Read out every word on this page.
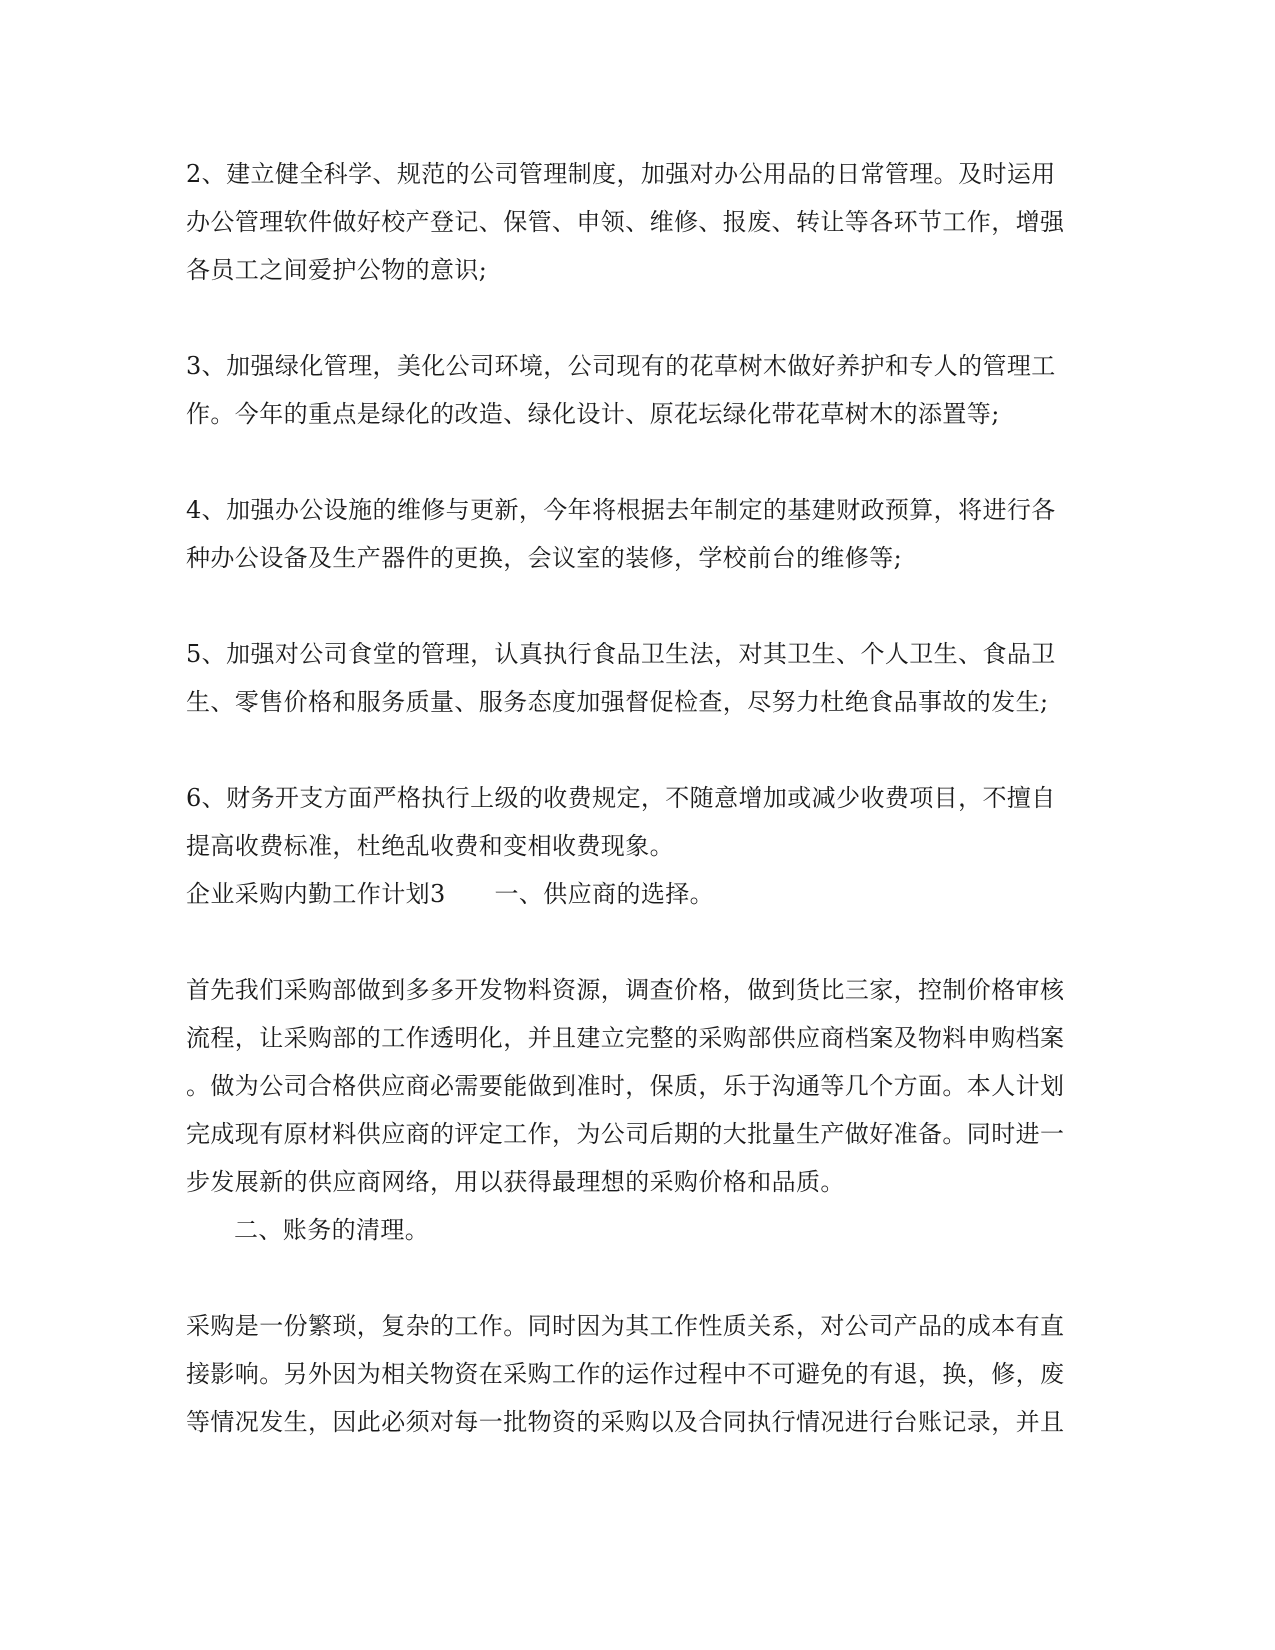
2、建立健全科学、规范的公司管理制度，加强对办公用品的日常管理。及时运用
办公管理软件做好校产登记、保管、申领、维修、报废、转让等各环节工作，增强
各员工之间爱护公物的意识;
3、加强绿化管理，美化公司环境，公司现有的花草树木做好养护和专人的管理工
作。今年的重点是绿化的改造、绿化设计、原花坛绿化带花草树木的添置等;
4、加强办公设施的维修与更新，今年将根据去年制定的基建财政预算，将进行各
种办公设备及生产器件的更换，会议室的装修，学校前台的维修等;
5、加强对公司食堂的管理，认真执行食品卫生法，对其卫生、个人卫生、食品卫
生、零售价格和服务质量、服务态度加强督促检查，尽努力杜绝食品事故的发生;
6、财务开支方面严格执行上级的收费规定，不随意增加或减少收费项目，不擅自
提高收费标准，杜绝乱收费和变相收费现象。
企业采购内勤工作计划3　　一、供应商的选择。
首先我们采购部做到多多开发物料资源，调查价格，做到货比三家，控制价格审核
流程，让采购部的工作透明化，并且建立完整的采购部供应商档案及物料申购档案
。做为公司合格供应商必需要能做到准时，保质，乐于沟通等几个方面。本人计划
完成现有原材料供应商的评定工作，为公司后期的大批量生产做好准备。同时进一
步发展新的供应商网络，用以获得最理想的采购价格和品质。
二、账务的清理。
采购是一份繁琐，复杂的工作。同时因为其工作性质关系，对公司产品的成本有直
接影响。另外因为相关物资在采购工作的运作过程中不可避免的有退，换，修，废
等情况发生，因此必须对每一批物资的采购以及合同执行情况进行台账记录，并且
